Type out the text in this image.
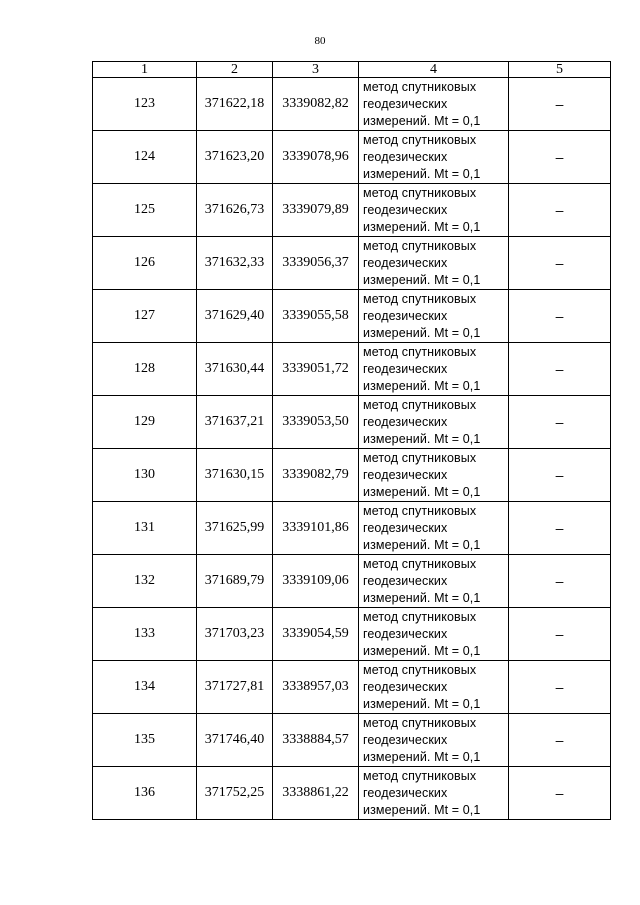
80
1	2	3	4	5
123	371622,18	3339082,82	метод спутниковых
геодезических
измерений. Mt = 0,1	–
124	371623,20	3339078,96	метод спутниковых
геодезических
измерений. Mt = 0,1	–
125	371626,73	3339079,89	метод спутниковых
геодезических
измерений. Mt = 0,1	–
126	371632,33	3339056,37	метод спутниковых
геодезических
измерений. Mt = 0,1	–
127	371629,40	3339055,58	метод спутниковых
геодезических
измерений. Mt = 0,1	–
128	371630,44	3339051,72	метод спутниковых
геодезических
измерений. Mt = 0,1	–
129	371637,21	3339053,50	метод спутниковых
геодезических
измерений. Mt = 0,1	–
130	371630,15	3339082,79	метод спутниковых
геодезических
измерений. Mt = 0,1	–
131	371625,99	3339101,86	метод спутниковых
геодезических
измерений. Mt = 0,1	–
132	371689,79	3339109,06	метод спутниковых
геодезических
измерений. Mt = 0,1	–
133	371703,23	3339054,59	метод спутниковых
геодезических
измерений. Mt = 0,1	–
134	371727,81	3338957,03	метод спутниковых
геодезических
измерений. Mt = 0,1	–
135	371746,40	3338884,57	метод спутниковых
геодезических
измерений. Mt = 0,1	–
136	371752,25	3338861,22	метод спутниковых
геодезических
измерений. Mt = 0,1	–
